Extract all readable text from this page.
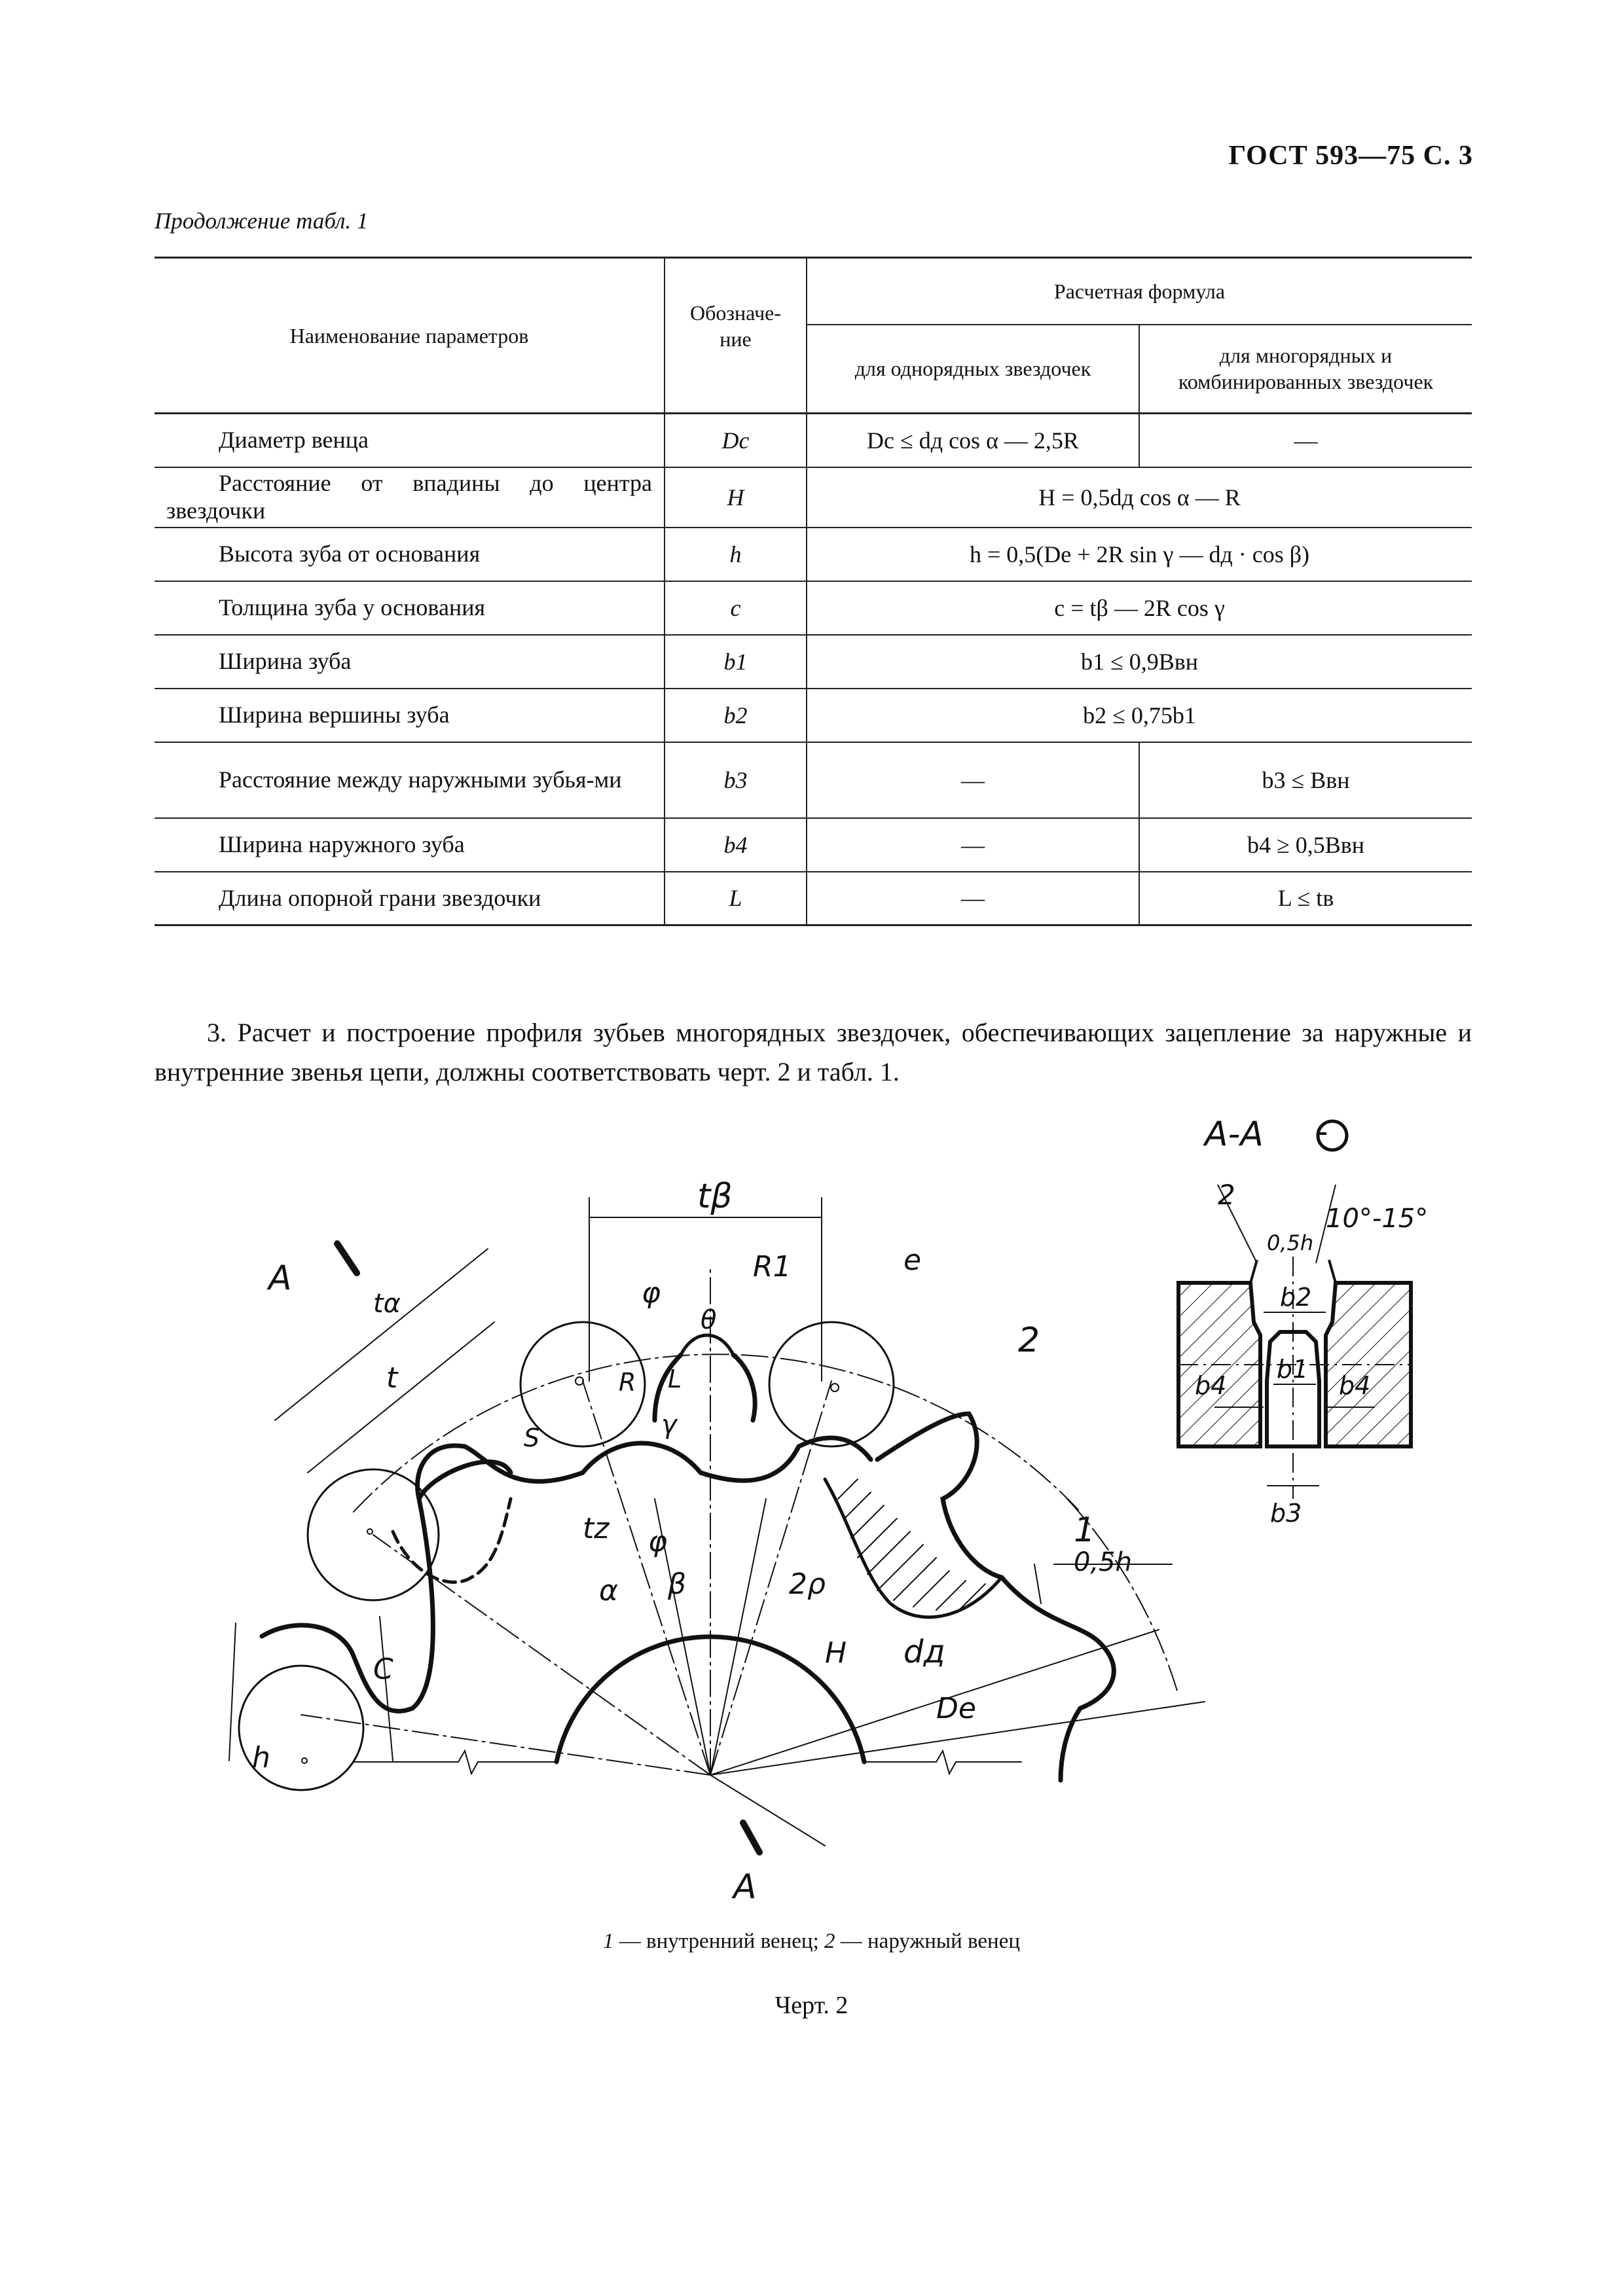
ГОСТ 593—75 С. 3
Продолжение табл. 1
Наименование параметров	Обозначе-ние	Расчетная формула	
		для однорядных звездочек	для многорядных и комбинированных звездочек
Диаметр венца	Dс	Dс ≤ dд cos α — 2,5R	—
Расстояние от впадины до центра звездочки	H	H = 0,5dд cos α — R	
Высота зуба от основания	h	h = 0,5(Dе + 2R sin γ — dд · cos β)	
Толщина зуба у основания	c	c = tβ — 2R cos γ	
Ширина зуба	b1	b1 ≤ 0,9Bвн	
Ширина вершины зуба	b2	b2 ≤ 0,75b1	
Расстояние между наружными зубья-ми	b3	—	b3 ≤ Bвн
Ширина наружного зуба	b4	—	b4 ≥ 0,5Bвн
Длина опорной грани звездочки	L	—	L ≤ tв
3. Расчет и построение профиля зубьев многорядных звездочек, обеспечивающих зацепление за наружные и внутренние звенья цепи, должны соответствовать черт. 2 и табл. 1.
A
tα
t
tβ
φ
R1	e
θ
R L
γ
S
tz φ
α β	2ρ
H dд
De
C
h
1
0,5h
2
A
A-A
2
10°-15°
0,5h
b2
b1
b4	b4
b3
1 — внутренний венец; 2 — наружный венец
Черт. 2
